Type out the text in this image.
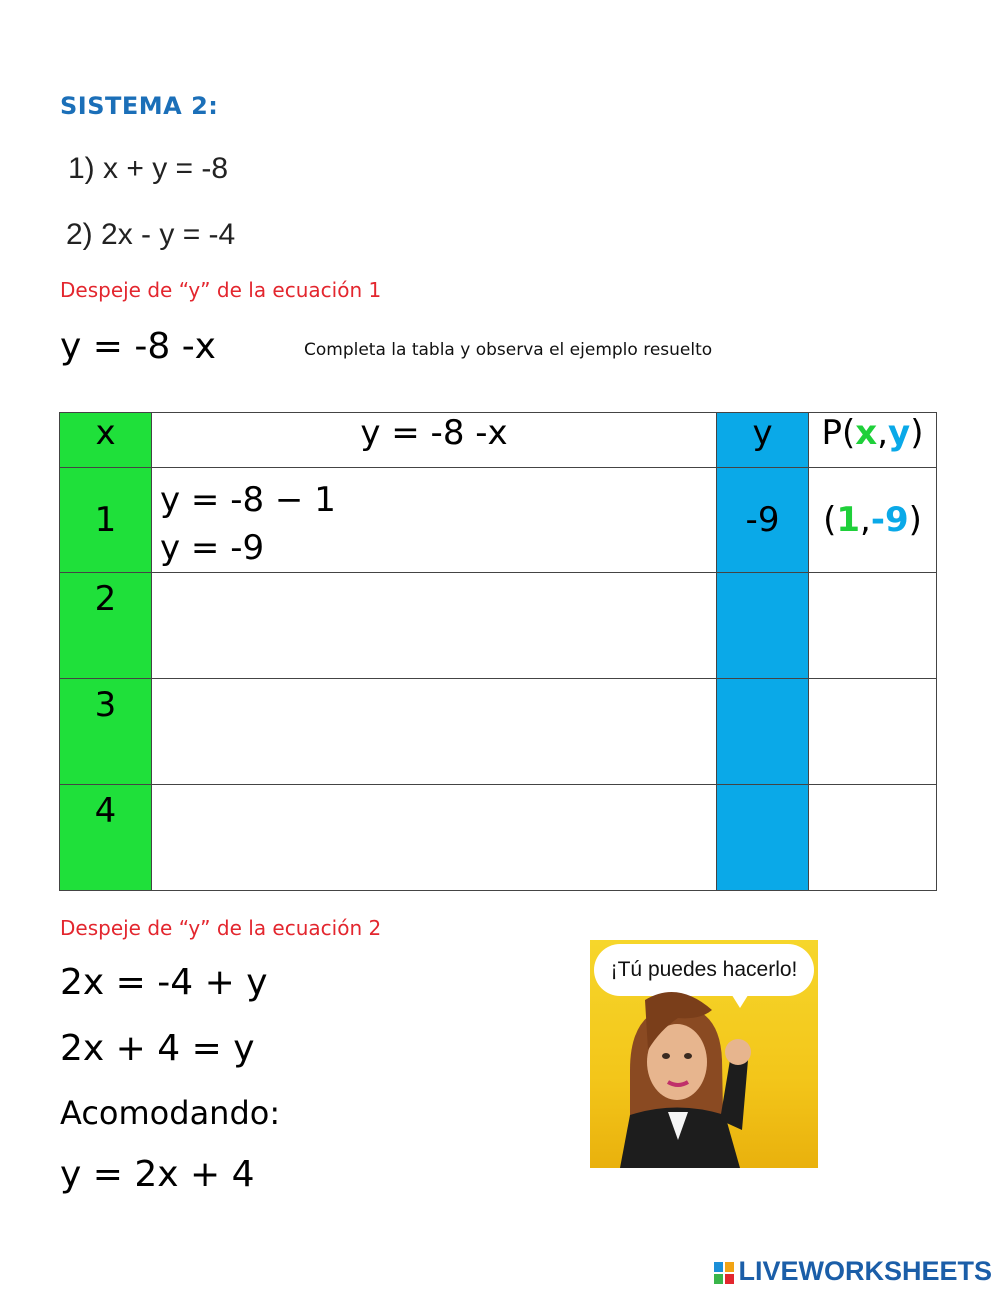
SISTEMA 2:
1) x + y = -8
2) 2x - y = -4
Despeje de “y” de la ecuación 1
y = -8 -x	Completa la tabla y observa el ejemplo resuelto
x	y = -8 -x	y	P(x,y)
1	y = -8 − 1
y = -9	-9	(1,-9)
2			
3			
4			
Despeje de “y” de la ecuación 2
2x = -4 + y
2x + 4 = y
Acomodando:
y = 2x + 4
¡Tú puedes hacerlo!
LIVEWORKSHEETS
